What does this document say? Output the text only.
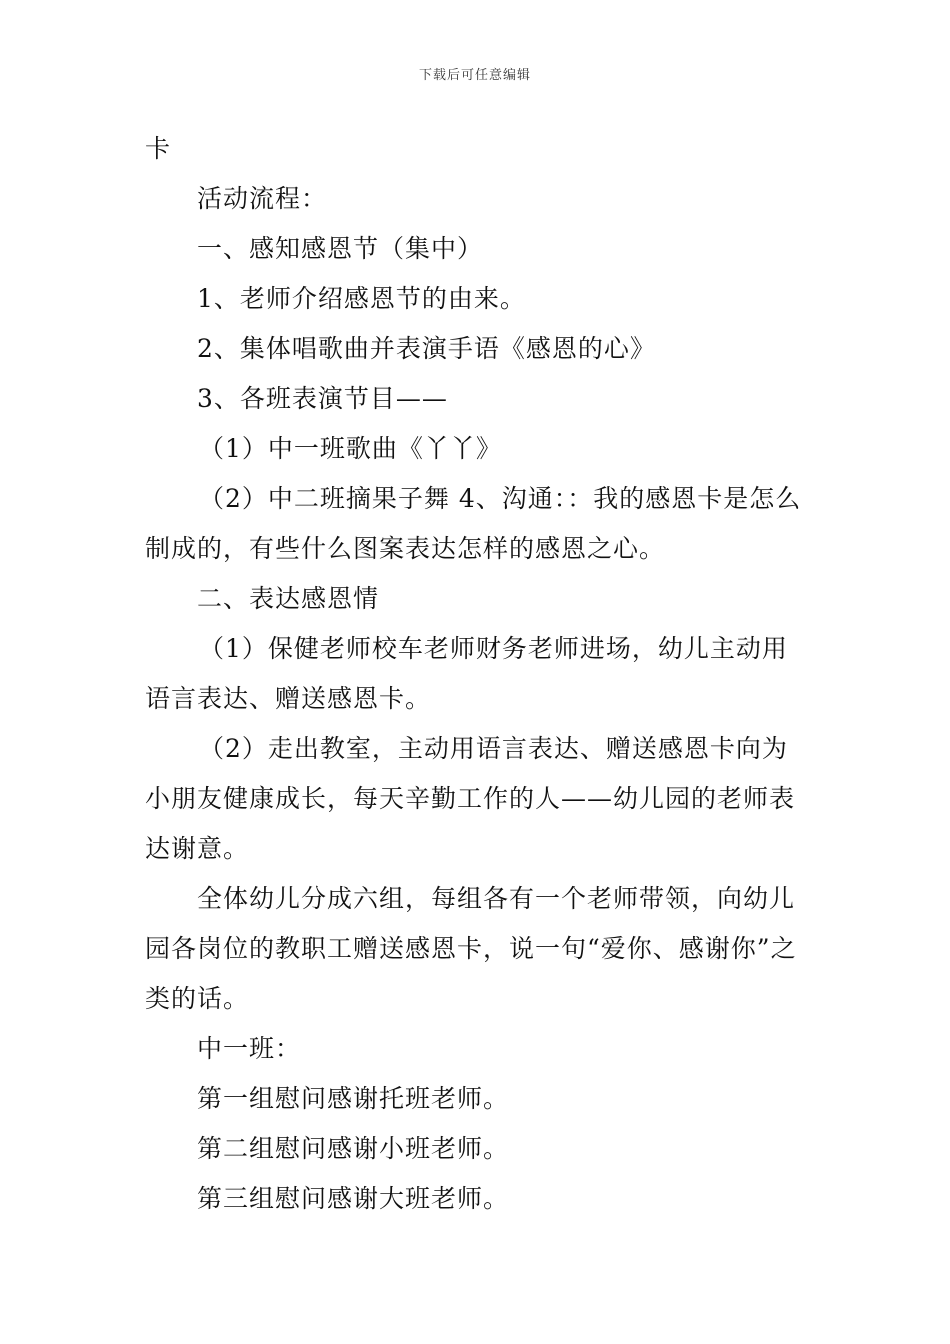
下载后可任意编辑

卡

活动流程：

一、感知感恩节（集中）

1、老师介绍感恩节的由来。

2、集体唱歌曲并表演手语《感恩的心》

3、各班表演节目——

（1）中一班歌曲《丫丫》

（2）中二班摘果子舞 4、沟通：：我的感恩卡是怎么制成的，有些什么图案表达怎样的感恩之心。

二、表达感恩情

（1）保健老师校车老师财务老师进场，幼儿主动用语言表达、赠送感恩卡。

（2）走出教室，主动用语言表达、赠送感恩卡向为小朋友健康成长，每天辛勤工作的人——幼儿园的老师表达谢意。

全体幼儿分成六组，每组各有一个老师带领，向幼儿园各岗位的教职工赠送感恩卡，说一句“爱你、感谢你”之类的话。

中一班：

第一组慰问感谢托班老师。

第二组慰问感谢小班老师。

第三组慰问感谢大班老师。
